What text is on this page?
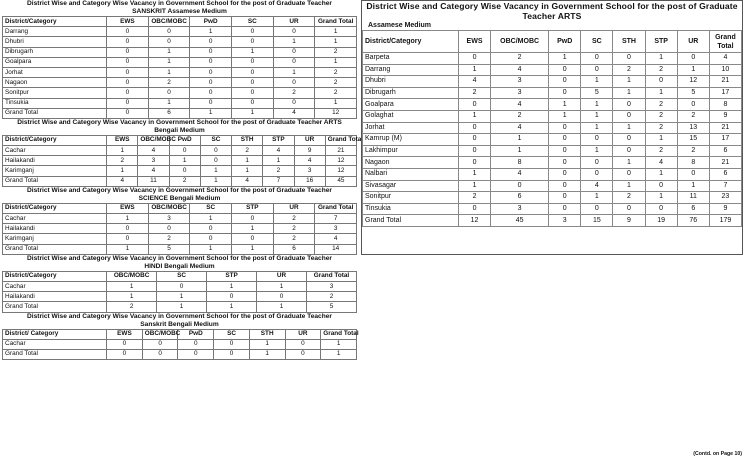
District Wise and Category Wise Vacancy in Government School for the post of Graduate Teacher
SANSKRIT Assamese Medium
District/Category	EWS	OBC/MOBC	PwD	SC	UR	Grand Total
Darrang	0	0	1	0	0	1
Dhubri	0	0	0	0	1	1
Dibrugarh	0	1	0	1	0	2
Goalpara	0	1	0	0	0	1
Jorhat	0	1	0	0	1	2
Nagaon	0	2	0	0	0	2
Sonitpur	0	0	0	0	2	2
Tinsukia	0	1	0	0	0	1
Grand Total	0	6	1	1	4	12
District Wise and Category Wise Vacancy in Government School for the post of Graduate Teacher ARTS
Bengali Medium
District/Category	EWS	OBC/MOBC	PwD	SC	STH	STP	UR	Grand Total
Cachar	1	4	0	0	2	4	9	21
Hailakandi	2	3	1	0	1	1	4	12
Karimganj	1	4	0	1	1	2	3	12
Grand Total	4	11	2	1	4	7	16	45
District Wise and Category Wise Vacancy in Government School for the post of Graduate Teacher
SCIENCE Bengali Medium
District/Category	EWS	OBC/MOBC	SC	STP	UR	Grand Total
Cachar	1	3	1	0	2	7
Hailakandi	0	0	0	1	2	3
Karimganj	0	2	0	0	2	4
Grand Total	1	5	1	1	6	14
District Wise and Category Wise Vacancy in Government School for the post of Graduate Teacher
HINDI Bengali Medium
District/Category	OBC/MOBC	SC	STP	UR	Grand Total
Cachar	1	0	1	1	3
Hailakandi	1	1	0	0	2
Grand Total	2	1	1	1	5
District Wise and Category Wise Vacancy in Government School for the post of Graduate Teacher
Sanskrit Bengali Medium
District/ Category	EWS	OBC/MOBC	PwD	SC	STH	UR	Grand Total
Cachar	0	0	0	0	1	0	1
Grand Total	0	0	0	0	1	0	1
(Contd. on Page 10)
District Wise and Category Wise Vacancy in Government School for the post of Graduate Teacher ARTS
Assamese Medium
District/Category	EWS	OBC/MOBC	PwD	SC	STH	STP	UR	Grand Total
Barpeta	0	2	1	0	0	1	0	4
Darrang	1	4	0	0	2	2	1	10
Dhubri	4	3	0	1	1	0	12	21
Dibrugarh	2	3	0	5	1	1	5	17
Goalpara	0	4	1	1	0	2	0	8
Golaghat	1	2	1	1	0	2	2	9
Jorhat	0	4	0	1	1	2	13	21
Kamrup (M)	0	1	0	0	0	1	15	17
Lakhimpur	0	1	0	1	0	2	2	6
Nagaon	0	8	0	0	1	4	8	21
Nalbari	1	4	0	0	0	1	0	6
Sivasagar	1	0	0	4	1	0	1	7
Sonitpur	2	6	0	1	2	1	11	23
Tinsukia	0	3	0	0	0	0	6	9
Grand Total	12	45	3	15	9	19	76	179
